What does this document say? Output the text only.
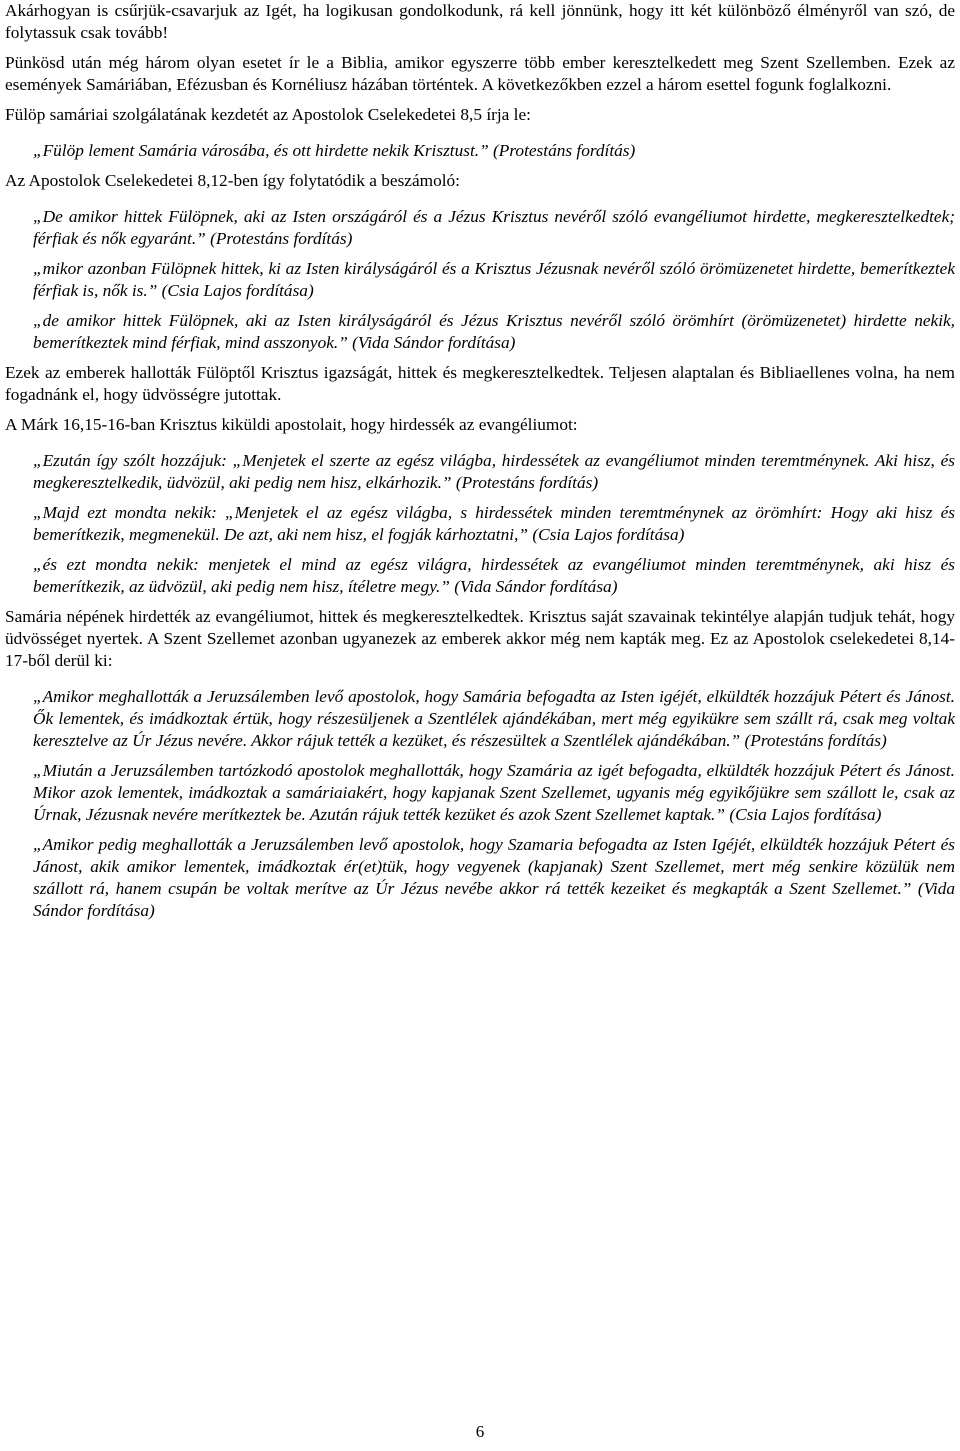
Akárhogyan is csűrjük-csavarjuk az Igét, ha logikusan gondolkodunk, rá kell jönnünk, hogy itt két különböző élményről van szó, de folytassuk csak tovább!

Pünkösd után még három olyan esetet ír le a Biblia, amikor egyszerre több ember keresztelkedett meg Szent Szellemben. Ezek az események Samáriában, Efézusban és Kornéliusz házában történtek. A következőkben ezzel a három esettel fogunk foglalkozni.

Fülöp samáriai szolgálatának kezdetét az Apostolok Cselekedetei 8,5 írja le:

„Fülöp lement Samária városába, és ott hirdette nekik Krisztust.” (Protestáns fordítás)

Az Apostolok Cselekedetei 8,12-ben így folytatódik a beszámoló:

„De amikor hittek Fülöpnek, aki az Isten országáról és a Jézus Krisztus nevéről szóló evangéliumot hirdette, megkeresztelkedtek; férfiak és nők egyaránt.” (Protestáns fordítás)

„mikor azonban Fülöpnek hittek, ki az Isten királyságáról és a Krisztus Jézusnak nevéről szóló örömüzenetet hirdette, bemerítkeztek férfiak is, nők is.” (Csia Lajos fordítása)

„de amikor hittek Fülöpnek, aki az Isten királyságáról és Jézus Krisztus nevéről szóló örömhírt (örömüzenetet) hirdette nekik, bemerítkeztek mind férfiak, mind asszonyok.” (Vida Sándor fordítása)

Ezek az emberek hallották Fülöptől Krisztus igazságát, hittek és megkeresztelkedtek. Teljesen alaptalan és Bibliaellenes volna, ha nem fogadnánk el, hogy üdvösségre jutottak.

A Márk 16,15-16-ban Krisztus kiküldi apostolait, hogy hirdessék az evangéliumot:

„Ezután így szólt hozzájuk: „Menjetek el szerte az egész világba, hirdessétek az evangéliumot minden teremtménynek. Aki hisz, és megkeresztelkedik, üdvözül, aki pedig nem hisz, elkárhozik.” (Protestáns fordítás)

„Majd ezt mondta nekik: „Menjetek el az egész világba, s hirdessétek minden teremtménynek az örömhírt: Hogy aki hisz és bemerítkezik, megmenekül. De azt, aki nem hisz, el fogják kárhoztatni,” (Csia Lajos fordítása)

„és ezt mondta nekik: menjetek el mind az egész világra, hirdessétek az evangéliumot minden teremtménynek, aki hisz és bemerítkezik, az üdvözül, aki pedig nem hisz, ítéletre megy.” (Vida Sándor fordítása)

Samária népének hirdették az evangéliumot, hittek és megkeresztelkedtek. Krisztus saját szavainak tekintélye alapján tudjuk tehát, hogy üdvösséget nyertek. A Szent Szellemet azonban ugyanezek az emberek akkor még nem kapták meg. Ez az Apostolok cselekedetei 8,14-17-ből derül ki:

„Amikor meghallották a Jeruzsálemben levő apostolok, hogy Samária befogadta az Isten igéjét, elküldték hozzájuk Pétert és Jánost. Ők lementek, és imádkoztak értük, hogy részesüljenek a Szentlélek ajándékában, mert még egyikükre sem szállt rá, csak meg voltak keresztelve az Úr Jézus nevére. Akkor rájuk tették a kezüket, és részesültek a Szentlélek ajándékában.” (Protestáns fordítás)

„Miután a Jeruzsálemben tartózkodó apostolok meghallották, hogy Szamária az igét befogadta, elküldték hozzájuk Pétert és Jánost. Mikor azok lementek, imádkoztak a samáriaiakért, hogy kapjanak Szent Szellemet, ugyanis még egyikőjükre sem szállott le, csak az Úrnak, Jézusnak nevére merítkeztek be. Azután rájuk tették kezüket és azok Szent Szellemet kaptak.” (Csia Lajos fordítása)

„Amikor pedig meghallották a Jeruzsálemben levő apostolok, hogy Szamaria befogadta az Isten Igéjét, elküldték hozzájuk Pétert és Jánost, akik amikor lementek, imádkoztak ér(et)tük, hogy vegyenek (kapjanak) Szent Szellemet, mert még senkire közülük nem szállott rá, hanem csupán be voltak merítve az Úr Jézus nevébe akkor rá tették kezeiket és megkapták a Szent Szellemet.” (Vida Sándor fordítása)

6
